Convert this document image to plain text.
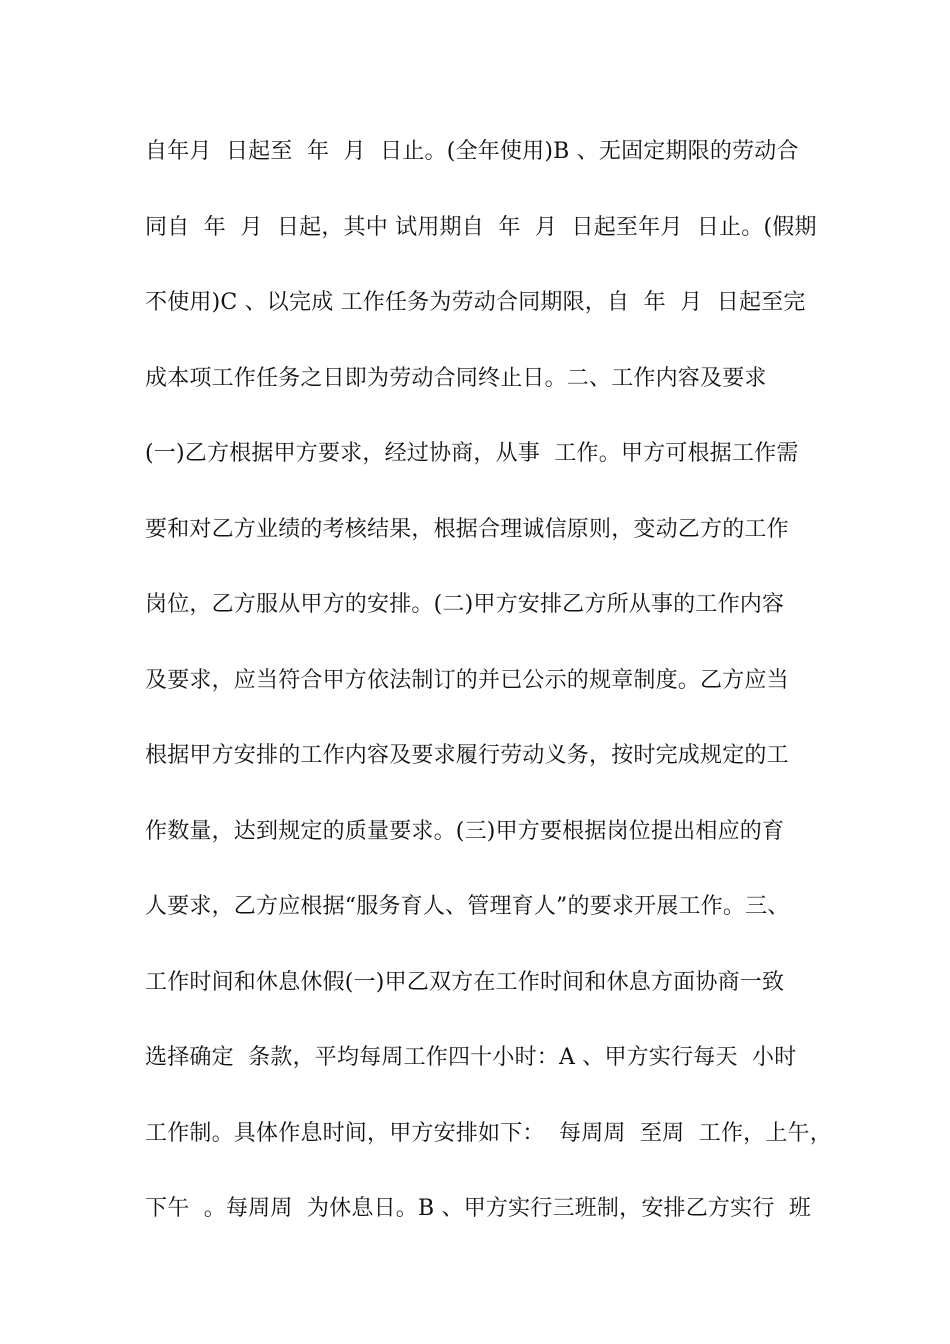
自年月  日起至  年  月  日止。(全年使用)B 、无固定期限的劳动合
同自  年  月  日起，其中 试用期自  年  月  日起至年月  日止。(假期
不使用)C 、以完成 工作任务为劳动合同期限，自  年  月  日起至完
成本项工作任务之日即为劳动合同终止日。二、工作内容及要求
(一)乙方根据甲方要求，经过协商，从事  工作。甲方可根据工作需
要和对乙方业绩的考核结果，根据合理诚信原则，变动乙方的工作
岗位，乙方服从甲方的安排。(二)甲方安排乙方所从事的工作内容
及要求，应当符合甲方依法制订的并已公示的规章制度。乙方应当
根据甲方安排的工作内容及要求履行劳动义务，按时完成规定的工
作数量，达到规定的质量要求。(三)甲方要根据岗位提出相应的育
人要求，乙方应根据“服务育人、管理育人”的要求开展工作。三、
工作时间和休息休假(一)甲乙双方在工作时间和休息方面协商一致
选择确定  条款，平均每周工作四十小时：A 、甲方实行每天  小时
工作制。具体作息时间，甲方安排如下：  每周周  至周  工作，上午，
下午  。每周周  为休息日。B 、甲方实行三班制，安排乙方实行  班
